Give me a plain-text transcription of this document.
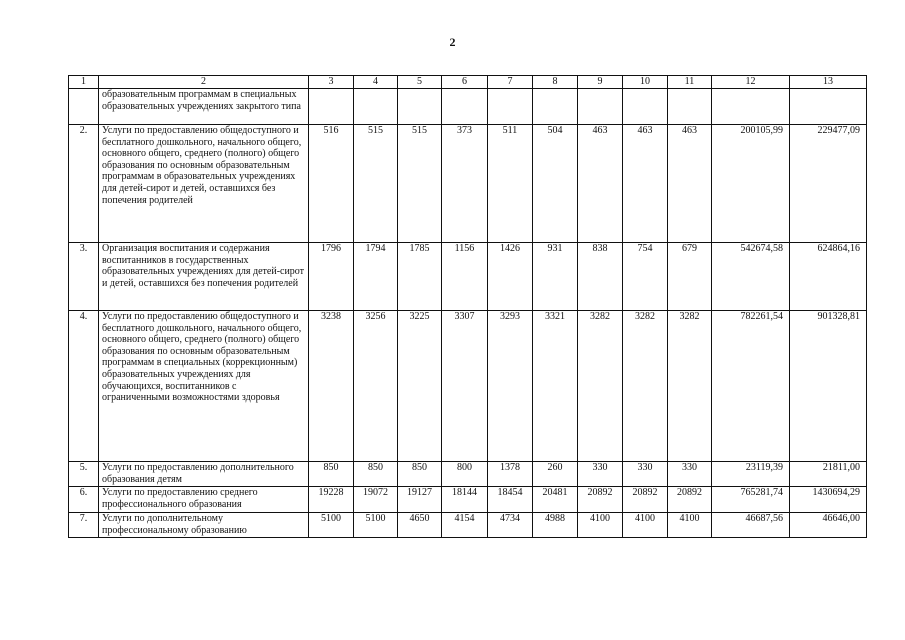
2
1	2	3	4	5	6	7	8	9	10	11	12	13
	образовательным программам в специальных образовательных учреждениях закрытого типа											
2.	Услуги по предоставлению общедоступного и бесплатного дошкольного, начального общего, основного общего, среднего (полного) общего образования по основным образовательным программам в образовательных учреждениях для детей-сирот и детей, оставшихся без попечения родителей	516	515	515	373	511	504	463	463	463	200105,99	229477,09
3.	Организация воспитания и содержания воспитанников в государственных образовательных учреждениях для детей-сирот и детей, оставшихся без попечения родителей	1796	1794	1785	1156	1426	931	838	754	679	542674,58	624864,16
4.	Услуги по предоставлению общедоступного и бесплатного дошкольного, начального общего, основного общего, среднего (полного) общего образования по основным образовательным программам в специальных (коррекционным) образовательных учреждениях для обучающихся, воспитанников с ограниченными возможностями здоровья	3238	3256	3225	3307	3293	3321	3282	3282	3282	782261,54	901328,81
5.	Услуги по предоставлению дополнительного образования детям	850	850	850	800	1378	260	330	330	330	23119,39	21811,00
6.	Услуги по предоставлению среднего профессионального образования	19228	19072	19127	18144	18454	20481	20892	20892	20892	765281,74	1430694,29
7.	Услуги по дополнительному профессиональному образованию	5100	5100	4650	4154	4734	4988	4100	4100	4100	46687,56	46646,00
